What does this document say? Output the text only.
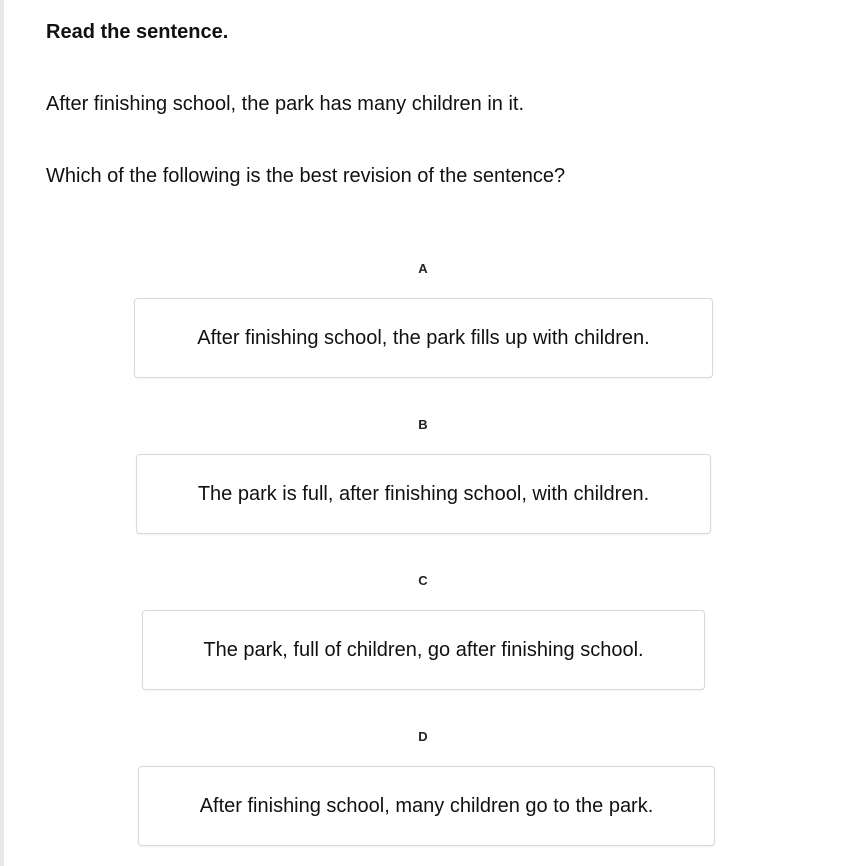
Read the sentence.
After finishing school, the park has many children in it.
Which of the following is the best revision of the sentence?
A
After finishing school, the park fills up with children.
B
The park is full, after finishing school, with children.
C
The park, full of children, go after finishing school.
D
After finishing school, many children go to the park.
